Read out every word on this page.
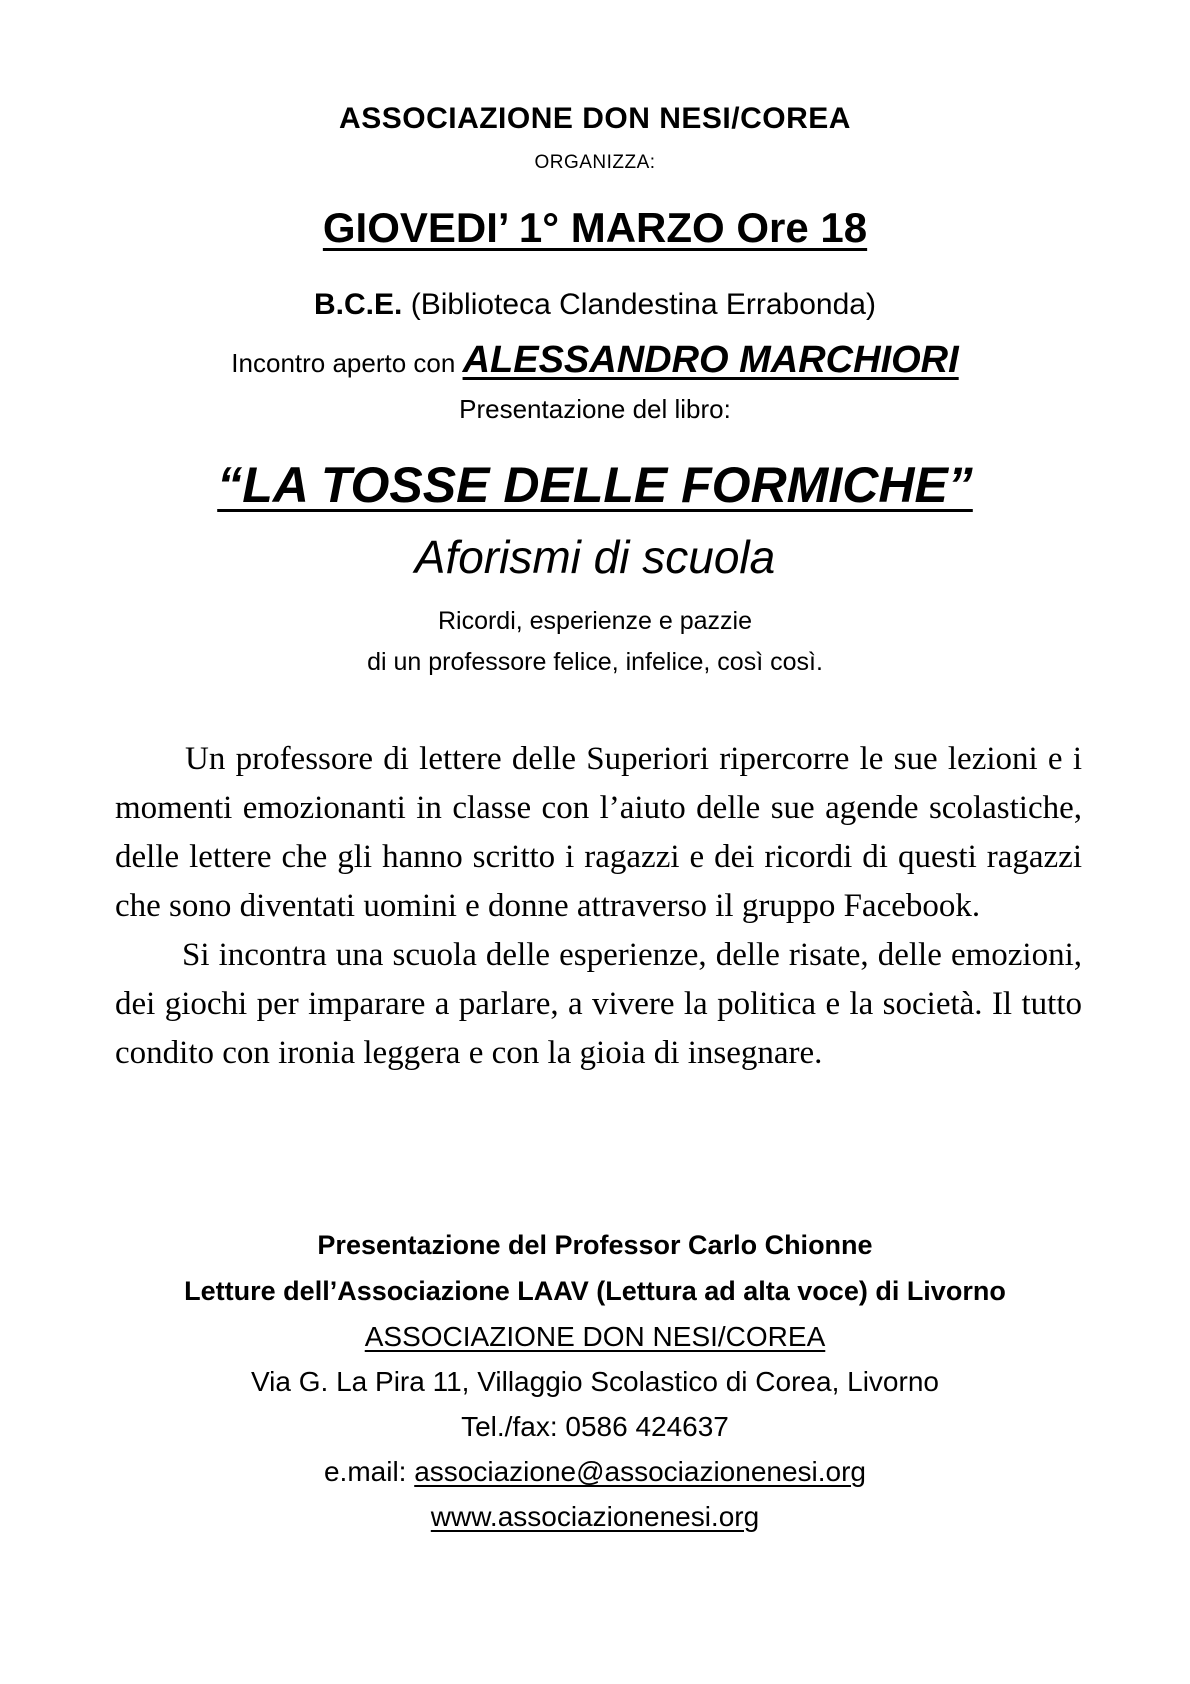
ASSOCIAZIONE DON NESI/COREA
ORGANIZZA:
GIOVEDI’ 1° MARZO Ore 18
B.C.E. (Biblioteca Clandestina Errabonda)
Incontro aperto con ALESSANDRO MARCHIORI
Presentazione del libro:
“LA TOSSE DELLE FORMICHE”
Aforismi di scuola
Ricordi, esperienze e pazzie
di un professore felice, infelice, così così.

Un professore di lettere delle Superiori ripercorre le sue lezioni e i momenti emozionanti in classe con l’aiuto delle sue agende scolastiche, delle lettere che gli hanno scritto i ragazzi e dei ricordi di questi ragazzi che sono diventati uomini e donne attraverso il gruppo Facebook.

Si incontra una scuola delle esperienze, delle risate, delle emozioni, dei giochi per imparare a parlare, a vivere la politica e la società. Il tutto condito con ironia leggera e con la gioia di insegnare.

Presentazione del Professor Carlo Chionne
Letture dell’Associazione LAAV (Lettura ad alta voce) di Livorno
ASSOCIAZIONE DON NESI/COREA
Via G. La Pira 11, Villaggio Scolastico di Corea, Livorno
Tel./fax: 0586 424637
e.mail: associazione@associazionenesi.org
www.associazionenesi.org
